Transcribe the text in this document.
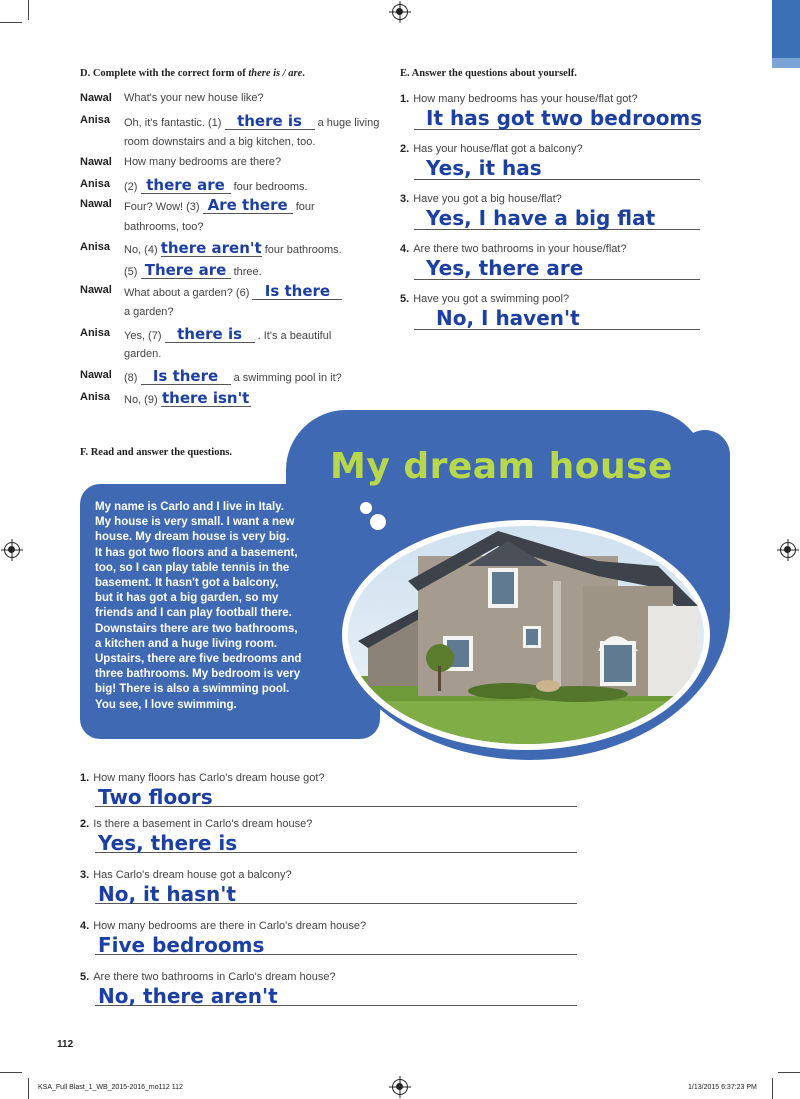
D. Complete with the correct form of there is / are.
Nawal	What's your new house like?
Anisa	Oh, it's fantastic. (1) there is a huge living
room downstairs and a big kitchen, too.
Nawal	How many bedrooms are there?
Anisa	(2) there are four bedrooms.
Nawal	Four? Wow! (3) Are there four
bathrooms, too?
Anisa	No, (4) there aren't four bathrooms.
(5) There are three.
Nawal	What about a garden? (6) Is there
a garden?
Anisa	Yes, (7) there is . It's a beautiful
garden.
Nawal	(8) Is there a swimming pool in it?
Anisa	No, (9) there isn't
E. Answer the questions about yourself.
1. How many bedrooms has your house/flat got?
It has got two bedrooms
2. Has your house/flat got a balcony?
Yes, it has
3. Have you got a big house/flat?
Yes, I have a big flat
4. Are there two bathrooms in your house/flat?
Yes, there are
5. Have you got a swimming pool?
No, I haven't
F. Read and answer the questions.	My dream house
My name is Carlo and I live in Italy.
My house is very small. I want a new
house. My dream house is very big.
It has got two floors and a basement,
too, so I can play table tennis in the
basement. It hasn't got a balcony,
but it has got a big garden, so my
friends and I can play football there.
Downstairs there are two bathrooms,
a kitchen and a huge living room.
Upstairs, there are five bedrooms and
three bathrooms. My bedroom is very
big! There is also a swimming pool.
You see, I love swimming.
1. How many floors has Carlo's dream house got?
Two floors
2. Is there a basement in Carlo's dream house?
Yes, there is
3. Has Carlo's dream house got a balcony?
No, it hasn't
4. How many bedrooms are there in Carlo's dream house?
Five bedrooms
5. Are there two bathrooms in Carlo's dream house?
No, there aren't
112
KSA_Full Blast_1_WB_2015-2016_mo112 112	1/13/2015 6:37:23 PM
